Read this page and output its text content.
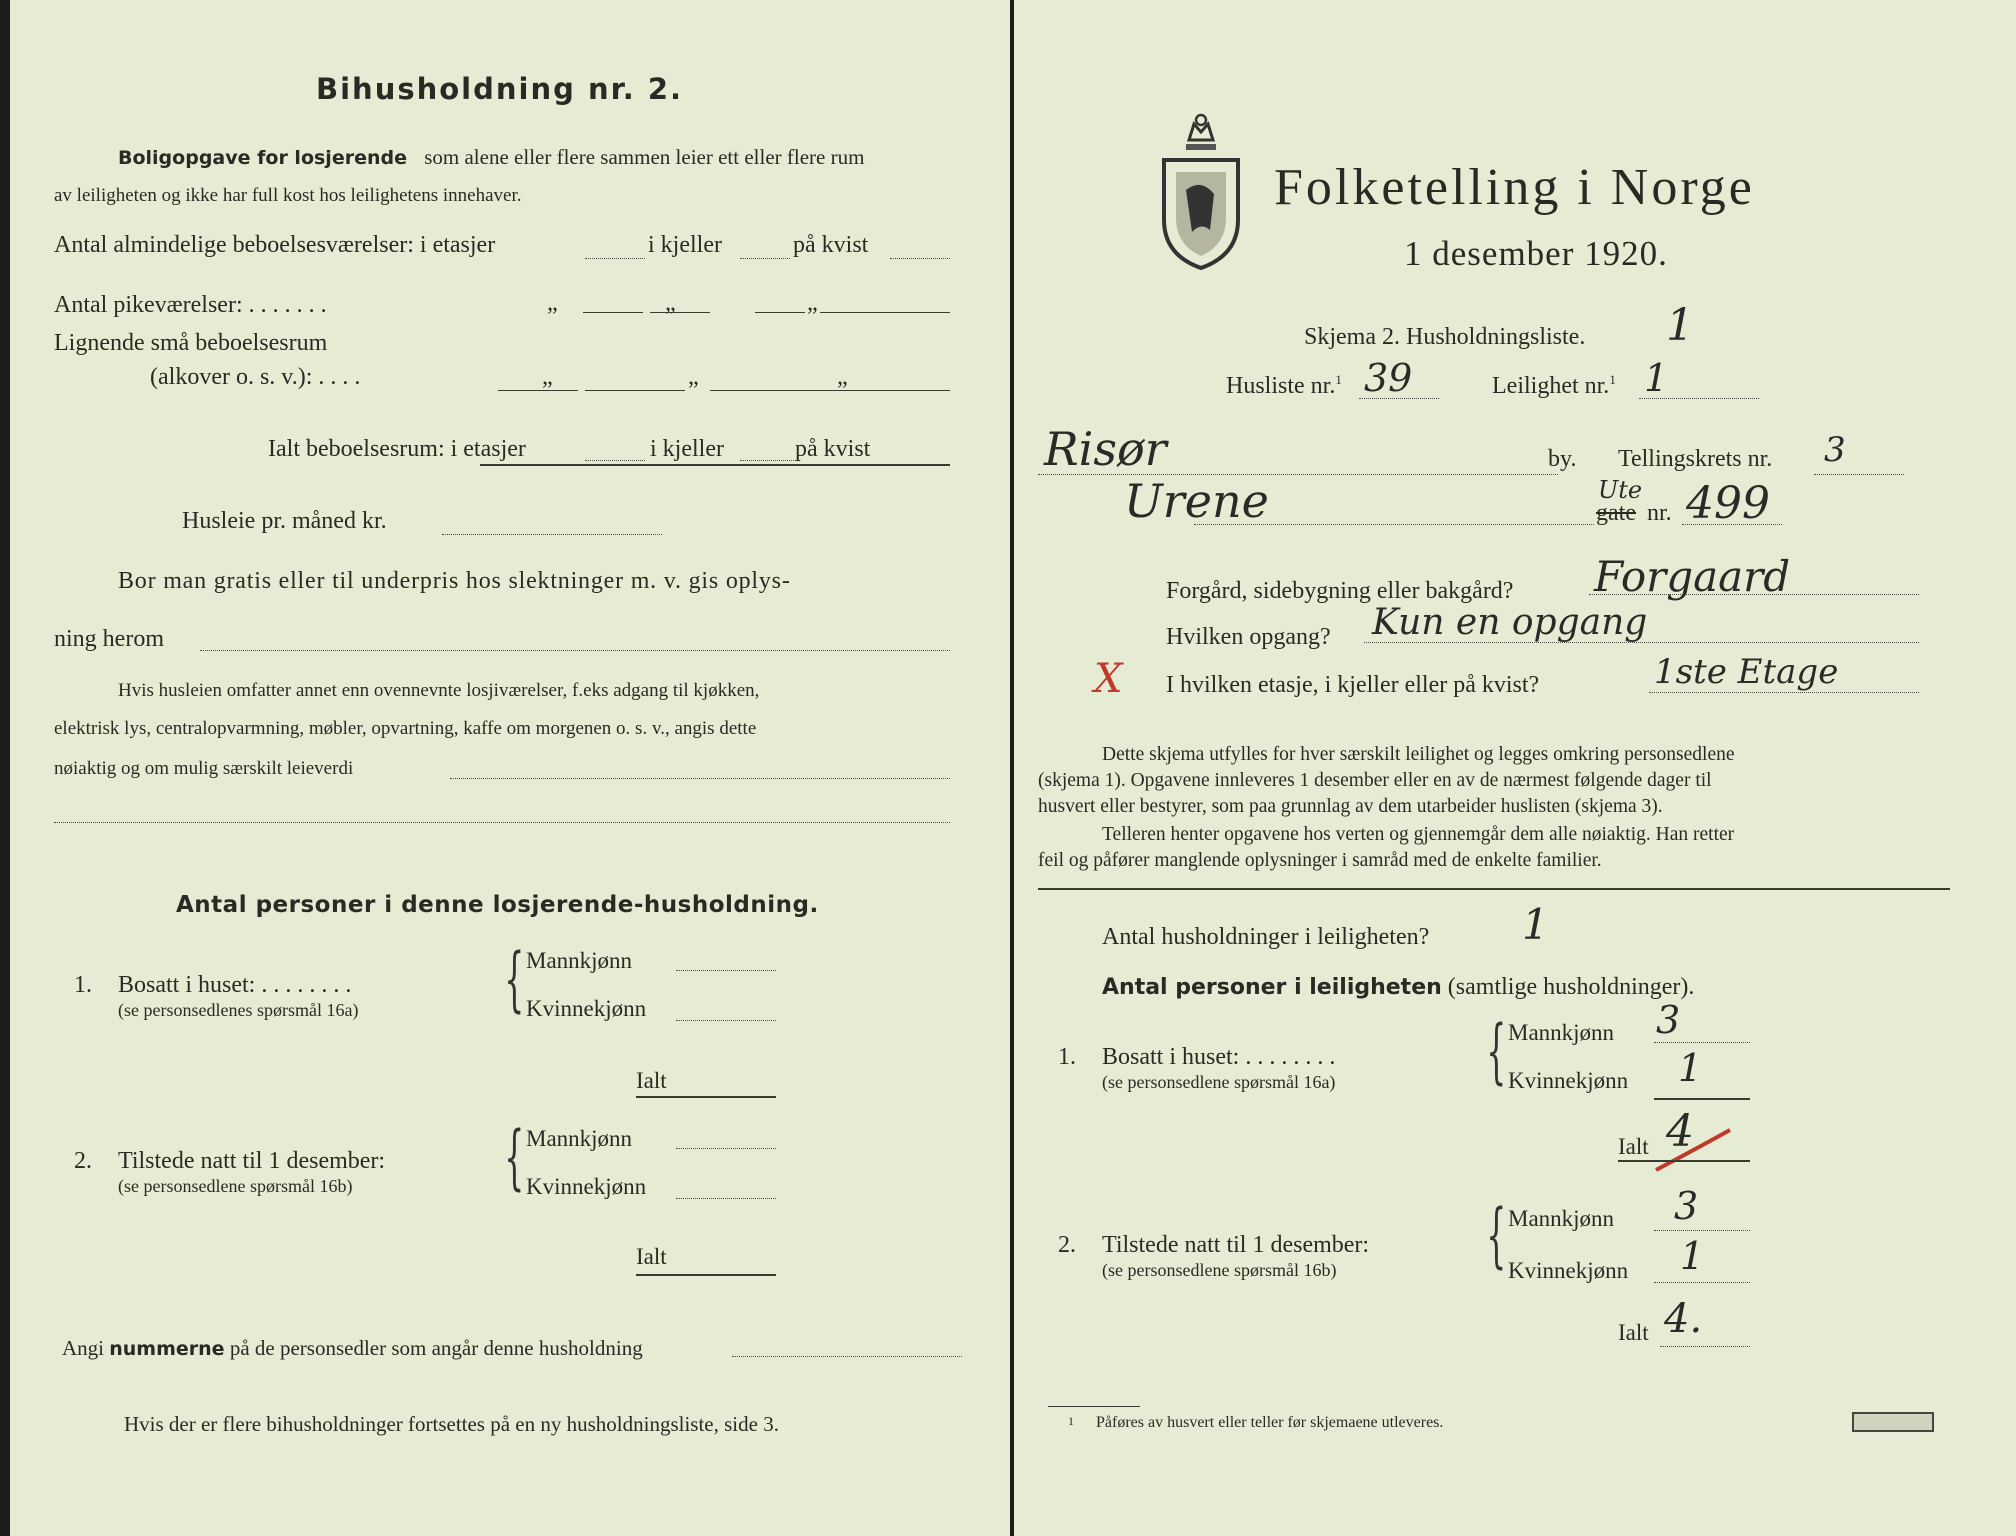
Bihusholdning nr. 2.
Boligopgave for losjerende som alene eller flere sammen leier ett eller flere rum
av leiligheten og ikke har full kost hos leilighetens innehaver.
Antal almindelige beboelsesværelser: i etasjer	i kjeller	på kvist
Antal pikeværelser: . . . . . . .	„	„	„
Lignende små beboelsesrum
(alkover o. s. v.): . . . .	„	„	„
Ialt beboelsesrum: i etasjer	i kjeller	på kvist
Husleie pr. måned kr.
Bor man gratis eller til underpris hos slektninger m. v. gis oplys-
ning herom
Hvis husleien omfatter annet enn ovennevnte losjiværelser, f.eks adgang til kjøkken,
elektrisk lys, centralopvarmning, møbler, opvartning, kaffe om morgenen o. s. v., angis dette
nøiaktig og om mulig særskilt leieverdi
Antal personer i denne losjerende-husholdning.
1. Bosatt i huset: . . . . . . . .
(se personsedlenes spørsmål 16a) { Mannkjønn
Kvinnekjønn
Ialt
2. Tilstede natt til 1 desember:
(se personsedlene spørsmål 16b) { Mannkjønn
Kvinnekjønn
Ialt
Angi nummerne på de personsedler som angår denne husholdning
Hvis der er flere bihusholdninger fortsettes på en ny husholdningsliste, side 3.
Folketelling i Norge
1 desember 1920.
Skjema 2. Husholdningsliste. 1
Husliste nr.$^1$ 39	Leilighet nr.$^1$ 1
Risør	by. Tellingskrets nr. 3
Urene	Ute
gate nr. 499
Forgård, sidebygning eller bakgård? Forgaard
Hvilken opgang? Kun en opgang
X I hvilken etasje, i kjeller eller på kvist?	1ste Etage
Dette skjema utfylles for hver særskilt leilighet og legges omkring personsedlene
(skjema 1). Opgavene innleveres 1 desember eller en av de nærmest følgende dager til
husvert eller bestyrer, som paa grunnlag av dem utarbeider huslisten (skjema 3).
Telleren henter opgavene hos verten og gjennemgår dem alle nøiaktig. Han retter
feil og påfører manglende oplysninger i samråd med de enkelte familier.
Antal husholdninger i leiligheten? 1
Antal personer i leiligheten (samtlige husholdninger).
1. Bosatt i huset: . . . . . . . .
(se personsedlene spørsmål 16a) { Mannkjønn 3
Kvinnekjønn 1
Ialt 4
2. Tilstede natt til 1 desember:
(se personsedlene spørsmål 16b) { Mannkjønn 3
Kvinnekjønn 1
Ialt 4.
1 Påføres av husvert eller teller før skjemaene utleveres.
